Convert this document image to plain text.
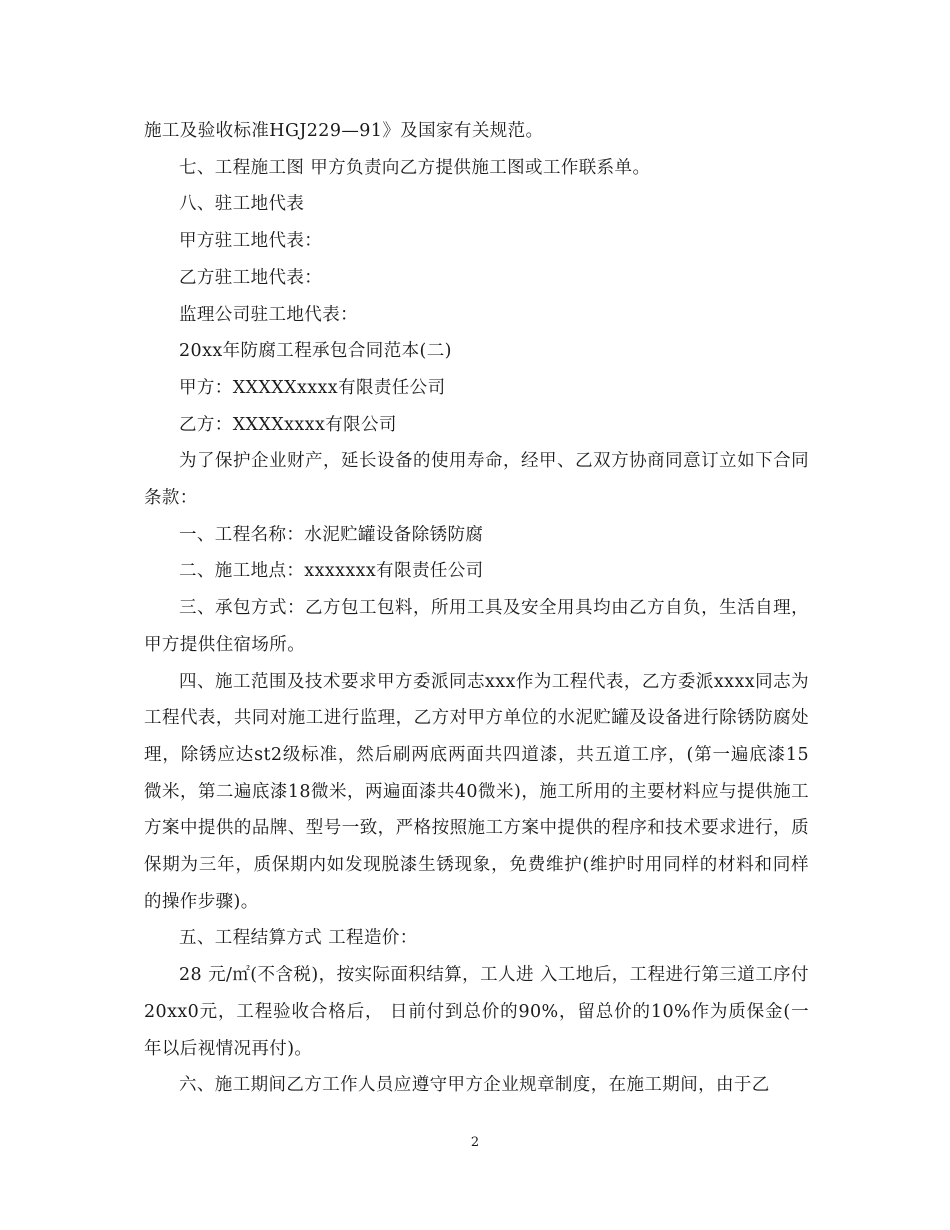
施工及验收标准HGJ229—91》及国家有关规范。

七、工程施工图 甲方负责向乙方提供施工图或工作联系单。

八、驻工地代表

甲方驻工地代表：

乙方驻工地代表：

监理公司驻工地代表：

20xx年防腐工程承包合同范本(二)

甲方：XXXXXxxxx有限责任公司

乙方：XXXXxxxx有限公司

为了保护企业财产，延长设备的使用寿命，经甲、乙双方协商同意订立如下合同条款：

一、工程名称：水泥贮罐设备除锈防腐

二、施工地点：xxxxxxx有限责任公司

三、承包方式：乙方包工包料，所用工具及安全用具均由乙方自负，生活自理，甲方提供住宿场所。

四、施工范围及技术要求甲方委派同志xxx作为工程代表，乙方委派xxxx同志为工程代表，共同对施工进行监理，乙方对甲方单位的水泥贮罐及设备进行除锈防腐处理，除锈应达st2级标准，然后刷两底两面共四道漆，共五道工序，(第一遍底漆15微米，第二遍底漆18微米，两遍面漆共40微米)，施工所用的主要材料应与提供施工方案中提供的品牌、型号一致，严格按照施工方案中提供的程序和技术要求进行，质保期为三年，质保期内如发现脱漆生锈现象，免费维护(维护时用同样的材料和同样的操作步骤)。

五、工程结算方式 工程造价：

28 元/㎡(不含税)，按实际面积结算，工人进 入工地后，工程进行第三道工序付20xx0元，工程验收合格后， 日前付到总价的90%，留总价的10%作为质保金(一年以后视情况再付)。

六、施工期间乙方工作人员应遵守甲方企业规章制度，在施工期间，由于乙

2
